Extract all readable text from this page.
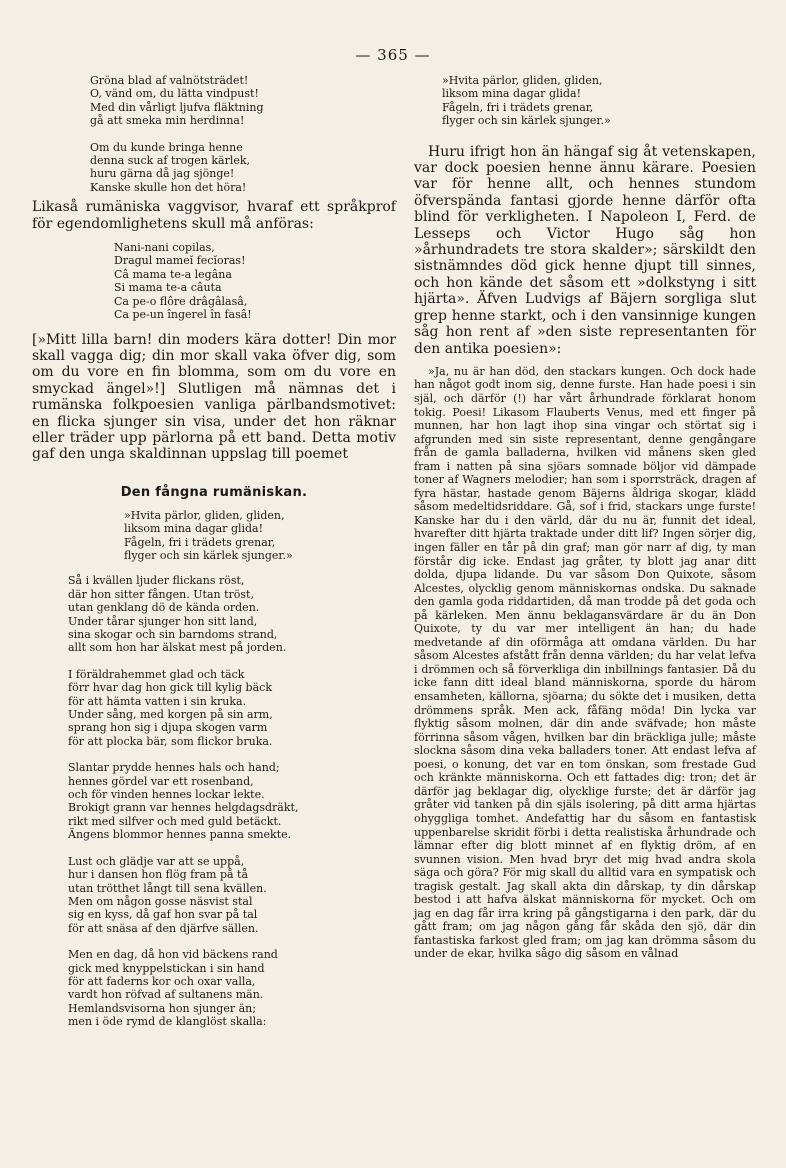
— 365 —
Gröna blad af valnötsträdet!
O, vänd om, du lätta vindpust!
Med din vårligt ljufva fläktning
gå att smeka min herdinna!
Om du kunde bringa henne
denna suck af trogen kärlek,
huru gärna då jag sjönge!
Kanske skulle hon det höra!

Likaså rumäniska vaggvisor, hvaraf ett språkprof för egendomlighetens skull må anföras:

Nani-nani copilas,
Dragul mameĭ fecĭoras!
Câ mama te-a legâna
Si mama te-a câuta
Ca pe-o flôre drâgâlasâ,
Ca pe-un îngerel în fasâ!

[»Mitt lilla barn! din moders kära dotter! Din mor skall vagga dig; din mor skall vaka öfver dig, som om du vore en fin blomma, som om du vore en smyckad ängel»!] Slutligen må nämnas det i rumänska folkpoesien vanliga pärlbandsmotivet: en flicka sjunger sin visa, under det hon räknar eller träder upp pärlorna på ett band. Detta motiv gaf den unga skaldinnan uppslag till poemet

Den fångna rumäniskan.
»Hvita pärlor, gliden, gliden,
liksom mina dagar glida!
Fågeln, fri i trädets grenar,
flyger och sin kärlek sjunger.»
Så i kvällen ljuder flickans röst,
där hon sitter fången. Utan tröst,
utan genklang dö de kända orden.
Under tårar sjunger hon sitt land,
sina skogar och sin barndoms strand,
allt som hon har älskat mest på jorden.
I föräldrahemmet glad och täck
förr hvar dag hon gick till kylig bäck
för att hämta vatten i sin kruka.
Under sång, med korgen på sin arm,
sprang hon sig i djupa skogen varm
för att plocka bär, som flickor bruka.
Slantar prydde hennes hals och hand;
hennes gördel var ett rosenband,
och för vinden hennes lockar lekte.
Brokigt grann var hennes helgdagsdräkt,
rikt med silfver och med guld betäckt.
Ängens blommor hennes panna smekte.
Lust och glädje var att se uppå,
hur i dansen hon flög fram på tå
utan trötthet långt till sena kvällen.
Men om någon gosse näsvist stal
sig en kyss, då gaf hon svar på tal
för att snäsa af den djärfve sällen.
Men en dag, då hon vid bäckens rand
gick med knyppelstickan i sin hand
för att faderns kor och oxar valla,
vardt hon röfvad af sultanens män.
Hemlandsvisorna hon sjunger än;
men i öde rymd de klanglöst skalla:
»Hvita pärlor, gliden, gliden,
liksom mina dagar glida!
Fågeln, fri i trädets grenar,
flyger och sin kärlek sjunger.»

Huru ifrigt hon än hängaf sig åt vetenskapen, var dock poesien henne ännu kärare. Poesien var för henne allt, och hennes stundom öfverspända fantasi gjorde henne därför ofta blind för verkligheten. I Napoleon I, Ferd. de Lesseps och Victor Hugo såg hon »århundradets tre stora skalder»; särskildt den sistnämndes död gick henne djupt till sinnes, och hon kände det såsom ett »dolkstyng i sitt hjärta». Äfven Ludvigs af Bäjern sorgliga slut grep henne starkt, och i den vansinnige kungen såg hon rent af »den siste representanten för den antika poesien»:

»Ja, nu är han död, den stackars kungen. Och dock hade han något godt inom sig, denne furste. Han hade poesi i sin själ, och därför (!) har vårt århundrade förklarat honom tokig. Poesi! Likasom Flauberts Venus, med ett finger på munnen, har hon lagt ihop sina vingar och störtat sig i afgrunden med sin siste representant, denne gengångare från de gamla balladerna, hvilken vid månens sken gled fram i natten på sina sjöars somnade böljor vid dämpade toner af Wagners melodier; han som i sporrsträck, dragen af fyra hästar, hastade genom Bäjerns åldriga skogar, klädd såsom medeltidsriddare. Gå, sof i frid, stackars unge furste! Kanske har du i den värld, där du nu är, funnit det ideal, hvarefter ditt hjärta traktade under ditt lif? Ingen sörjer dig, ingen fäller en tår på din graf; man gör narr af dig, ty man förstår dig icke. Endast jag gråter, ty blott jag anar ditt dolda, djupa lidande. Du var såsom Don Quixote, såsom Alcestes, olycklig genom människornas ondska. Du saknade den gamla goda riddartiden, då man trodde på det goda och på kärleken. Men ännu beklagansvärdare är du än Don Quixote, ty du var mer intelligent än han; du hade medvetande af din oförmåga att omdana världen. Du har såsom Alcestes afstått från denna världen; du har velat lefva i drömmen och så förverkliga din inbillnings fantasier. Då du icke fann ditt ideal bland människorna, sporde du härom ensamheten, källorna, sjöarna; du sökte det i musiken, detta drömmens språk. Men ack, fåfäng möda! Din lycka var flyktig såsom molnen, där din ande sväfvade; hon måste förrinna såsom vågen, hvilken bar din bräckliga julle; måste slockna såsom dina veka balladers toner. Att endast lefva af poesi, o konung, det var en tom önskan, som frestade Gud och kränkte människorna. Och ett fattades dig: tron; det är därför jag beklagar dig, olycklige furste; det är därför jag gråter vid tanken på din själs isolering, på ditt arma hjärtas ohyggliga tomhet. Andefattig har du såsom en fantastisk uppenbarelse skridit förbi i detta realistiska århundrade och lämnar efter dig blott minnet af en flyktig dröm, af en svunnen vision. Men hvad bryr det mig hvad andra skola säga och göra? För mig skall du alltid vara en sympatisk och tragisk gestalt. Jag skall akta din dårskap, ty din dårskap bestod i att hafva älskat människorna för mycket. Och om jag en dag får irra kring på gångstigarna i den park, där du gått fram; om jag någon gång får skåda den sjö, där din fantastiska farkost gled fram; om jag kan drömma såsom du under de ekar, hvilka sågo dig såsom en vålnad
